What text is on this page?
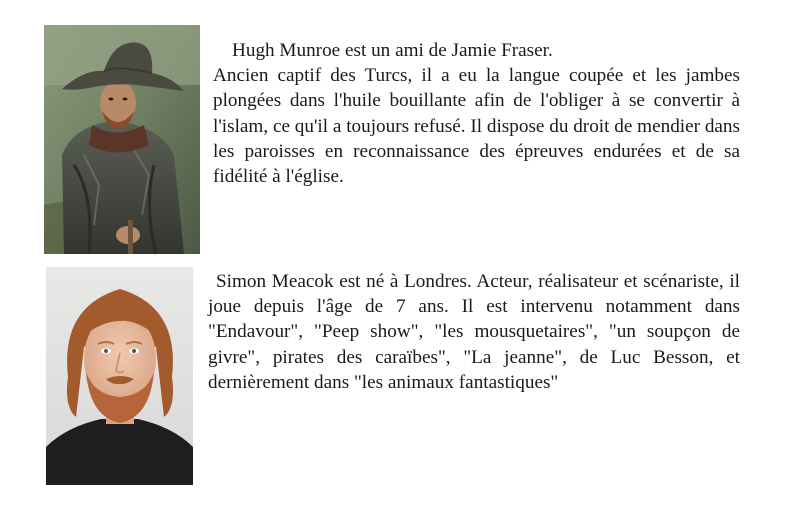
Hugh Munroe est un ami de Jamie Fraser.
Ancien captif des Turcs, il a eu la langue coupée et les jambes plongées dans l'huile bouillante afin de l'obliger à se convertir à l'islam, ce qu'il a toujours refusé. Il dispose du droit de mendier dans les paroisses en reconnaissance des épreuves endurées et de sa fidélité à l'église.
Simon Meacok est né à Londres. Acteur, réalisateur et scénariste, il joue depuis l'âge de 7 ans. Il est intervenu notamment dans "Endavour", "Peep show", "les mousquetaires", "un soupçon de givre", pirates des caraïbes", "La jeanne", de Luc Besson, et dernièrement dans "les animaux fantastiques"
